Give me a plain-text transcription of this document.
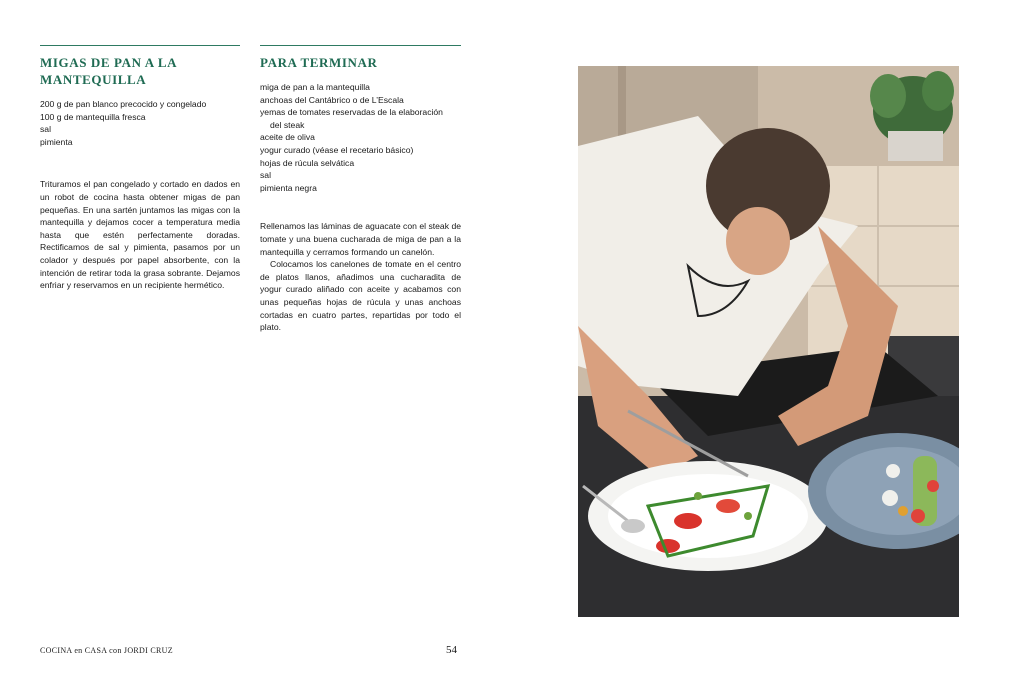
MIGAS DE PAN A LA MANTEQUILLA
200 g de pan blanco precocido y congelado
100 g de mantequilla fresca
sal
pimienta

Trituramos el pan congelado y cortado en dados en un robot de cocina hasta obtener migas de pan pequeñas. En una sartén juntamos las migas con la mantequilla y dejamos cocer a temperatura media hasta que estén perfectamente doradas. Rectificamos de sal y pimienta, pasamos por un colador y después por papel absorbente, con la intención de retirar toda la grasa sobrante. Dejamos enfriar y reservamos en un recipiente hermético.

PARA TERMINAR
miga de pan a la mantequilla
anchoas del Cantábrico o de L’Escala
yemas de tomates reservadas de la elaboración
del steak
aceite de oliva
yogur curado (véase el recetario básico)
hojas de rúcula selvática
sal
pimienta negra

Rellenamos las láminas de aguacate con el steak de tomate y una buena cucharada de miga de pan a la mantequilla y cerramos formando un canelón.

Colocamos los canelones de tomate en el centro de platos llanos, añadimos una cucharadita de yogur curado aliñado con aceite y acabamos con unas pequeñas hojas de rúcula y unas anchoas cortadas en cuatro partes, repartidas por todo el plato.

COCINA en CASA con JORDI CRUZ	54
